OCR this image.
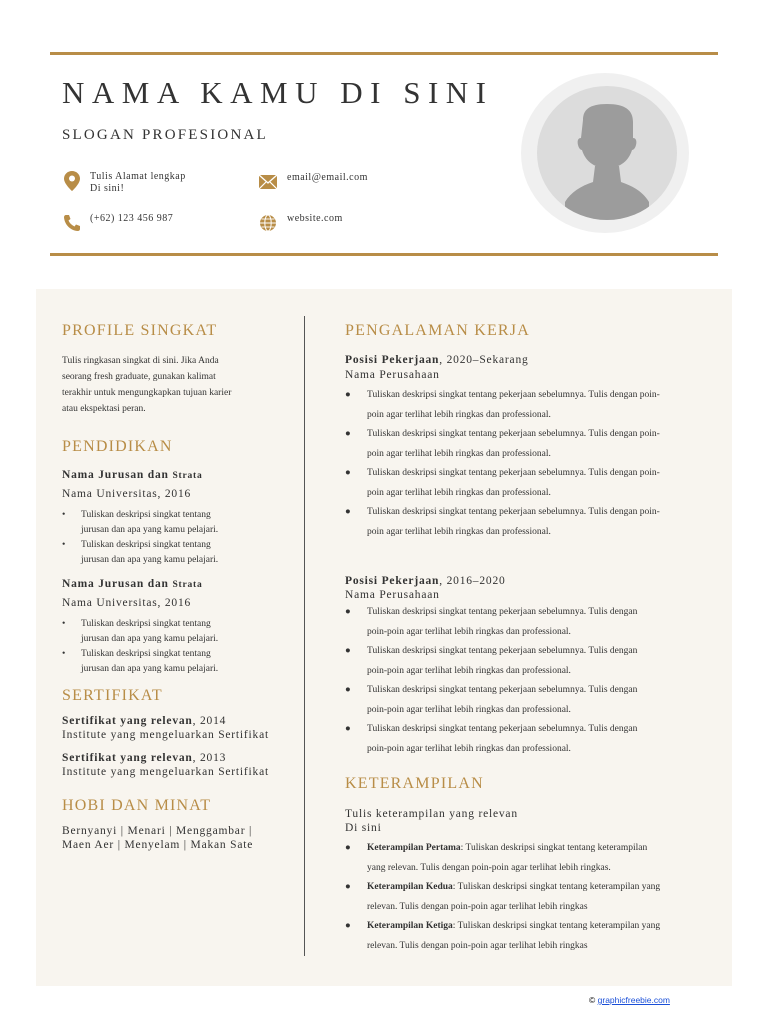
NAMA KAMU DI SINI
SLOGAN PROFESIONAL
Tulis Alamat lengkap
Di sini!
email@email.com
(+62) 123 456 987	website.com
PROFILE SINGKAT
Tulis ringkasan singkat di sini. Jika Anda
seorang fresh graduate, gunakan kalimat
terakhir untuk mengungkapkan tujuan karier
atau ekspektasi peran.
PENDIDIKAN
Nama Jurusan dan Strata
Nama Universitas, 2016
• Tuliskan deskripsi singkat tentang
jurusan dan apa yang kamu pelajari.
• Tuliskan deskripsi singkat tentang
jurusan dan apa yang kamu pelajari.
Nama Jurusan dan Strata
Nama Universitas, 2016
• Tuliskan deskripsi singkat tentang
jurusan dan apa yang kamu pelajari.
• Tuliskan deskripsi singkat tentang
jurusan dan apa yang kamu pelajari.
SERTIFIKAT
Sertifikat yang relevan, 2014
Institute yang mengeluarkan Sertifikat
Sertifikat yang relevan, 2013
Institute yang mengeluarkan Sertifikat
HOBI DAN MINAT
Bernyanyi | Menari | Menggambar |
Maen Aer | Menyelam | Makan Sate
PENGALAMAN KERJA
Posisi Pekerjaan, 2020–Sekarang
Nama Perusahaan
● Tuliskan deskripsi singkat tentang pekerjaan sebelumnya. Tulis dengan poin-
poin agar terlihat lebih ringkas dan professional.
● Tuliskan deskripsi singkat tentang pekerjaan sebelumnya. Tulis dengan poin-
poin agar terlihat lebih ringkas dan professional.
● Tuliskan deskripsi singkat tentang pekerjaan sebelumnya. Tulis dengan poin-
poin agar terlihat lebih ringkas dan professional.
● Tuliskan deskripsi singkat tentang pekerjaan sebelumnya. Tulis dengan poin-
poin agar terlihat lebih ringkas dan professional.
Posisi Pekerjaan, 2016–2020
Nama Perusahaan
● Tuliskan deskripsi singkat tentang pekerjaan sebelumnya. Tulis dengan
poin-poin agar terlihat lebih ringkas dan professional.
● Tuliskan deskripsi singkat tentang pekerjaan sebelumnya. Tulis dengan
poin-poin agar terlihat lebih ringkas dan professional.
● Tuliskan deskripsi singkat tentang pekerjaan sebelumnya. Tulis dengan
poin-poin agar terlihat lebih ringkas dan professional.
● Tuliskan deskripsi singkat tentang pekerjaan sebelumnya. Tulis dengan
poin-poin agar terlihat lebih ringkas dan professional.
KETERAMPILAN
Tulis keterampilan yang relevan
Di sini
● Keterampilan Pertama: Tuliskan deskripsi singkat tentang keterampilan
yang relevan. Tulis dengan poin-poin agar terlihat lebih ringkas.
● Keterampilan Kedua: Tuliskan deskripsi singkat tentang keterampilan yang
relevan. Tulis dengan poin-poin agar terlihat lebih ringkas
● Keterampilan Ketiga: Tuliskan deskripsi singkat tentang keterampilan yang
relevan. Tulis dengan poin-poin agar terlihat lebih ringkas
© graphicfreebie.com
